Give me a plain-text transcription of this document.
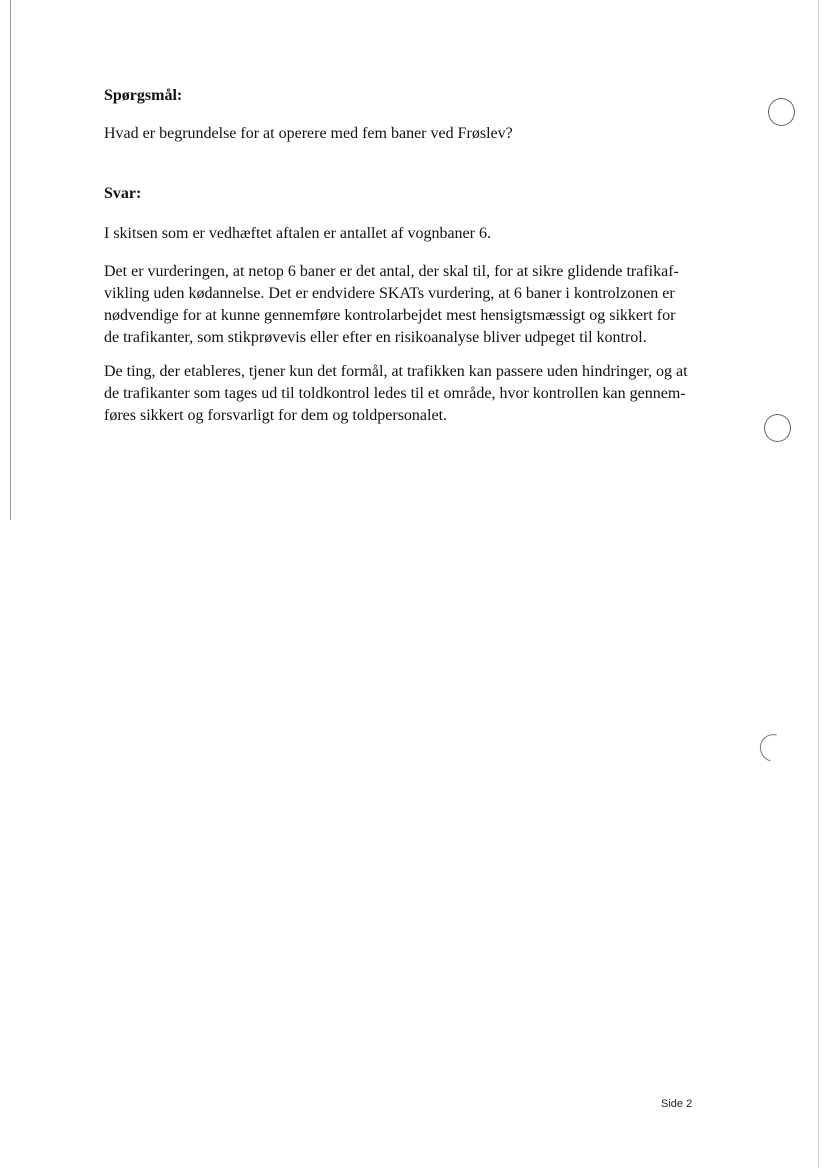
Spørgsmål:

Hvad er begrundelse for at operere med fem baner ved Frøslev?

Svar:

I skitsen som er vedhæftet aftalen er antallet af vognbaner 6.

Det er vurderingen, at netop 6 baner er det antal, der skal til, for at sikre glidende trafikaf-
vikling uden kødannelse. Det er endvidere SKATs vurdering, at 6 baner i kontrolzonen er
nødvendige for at kunne gennemføre kontrolarbejdet mest hensigtsmæssigt og sikkert for
de trafikanter, som stikprøvevis eller efter en risikoanalyse bliver udpeget til kontrol.

De ting, der etableres, tjener kun det formål, at trafikken kan passere uden hindringer, og at
de trafikanter som tages ud til toldkontrol ledes til et område, hvor kontrollen kan gennem-
føres sikkert og forsvarligt for dem og toldpersonalet.

Side 2
